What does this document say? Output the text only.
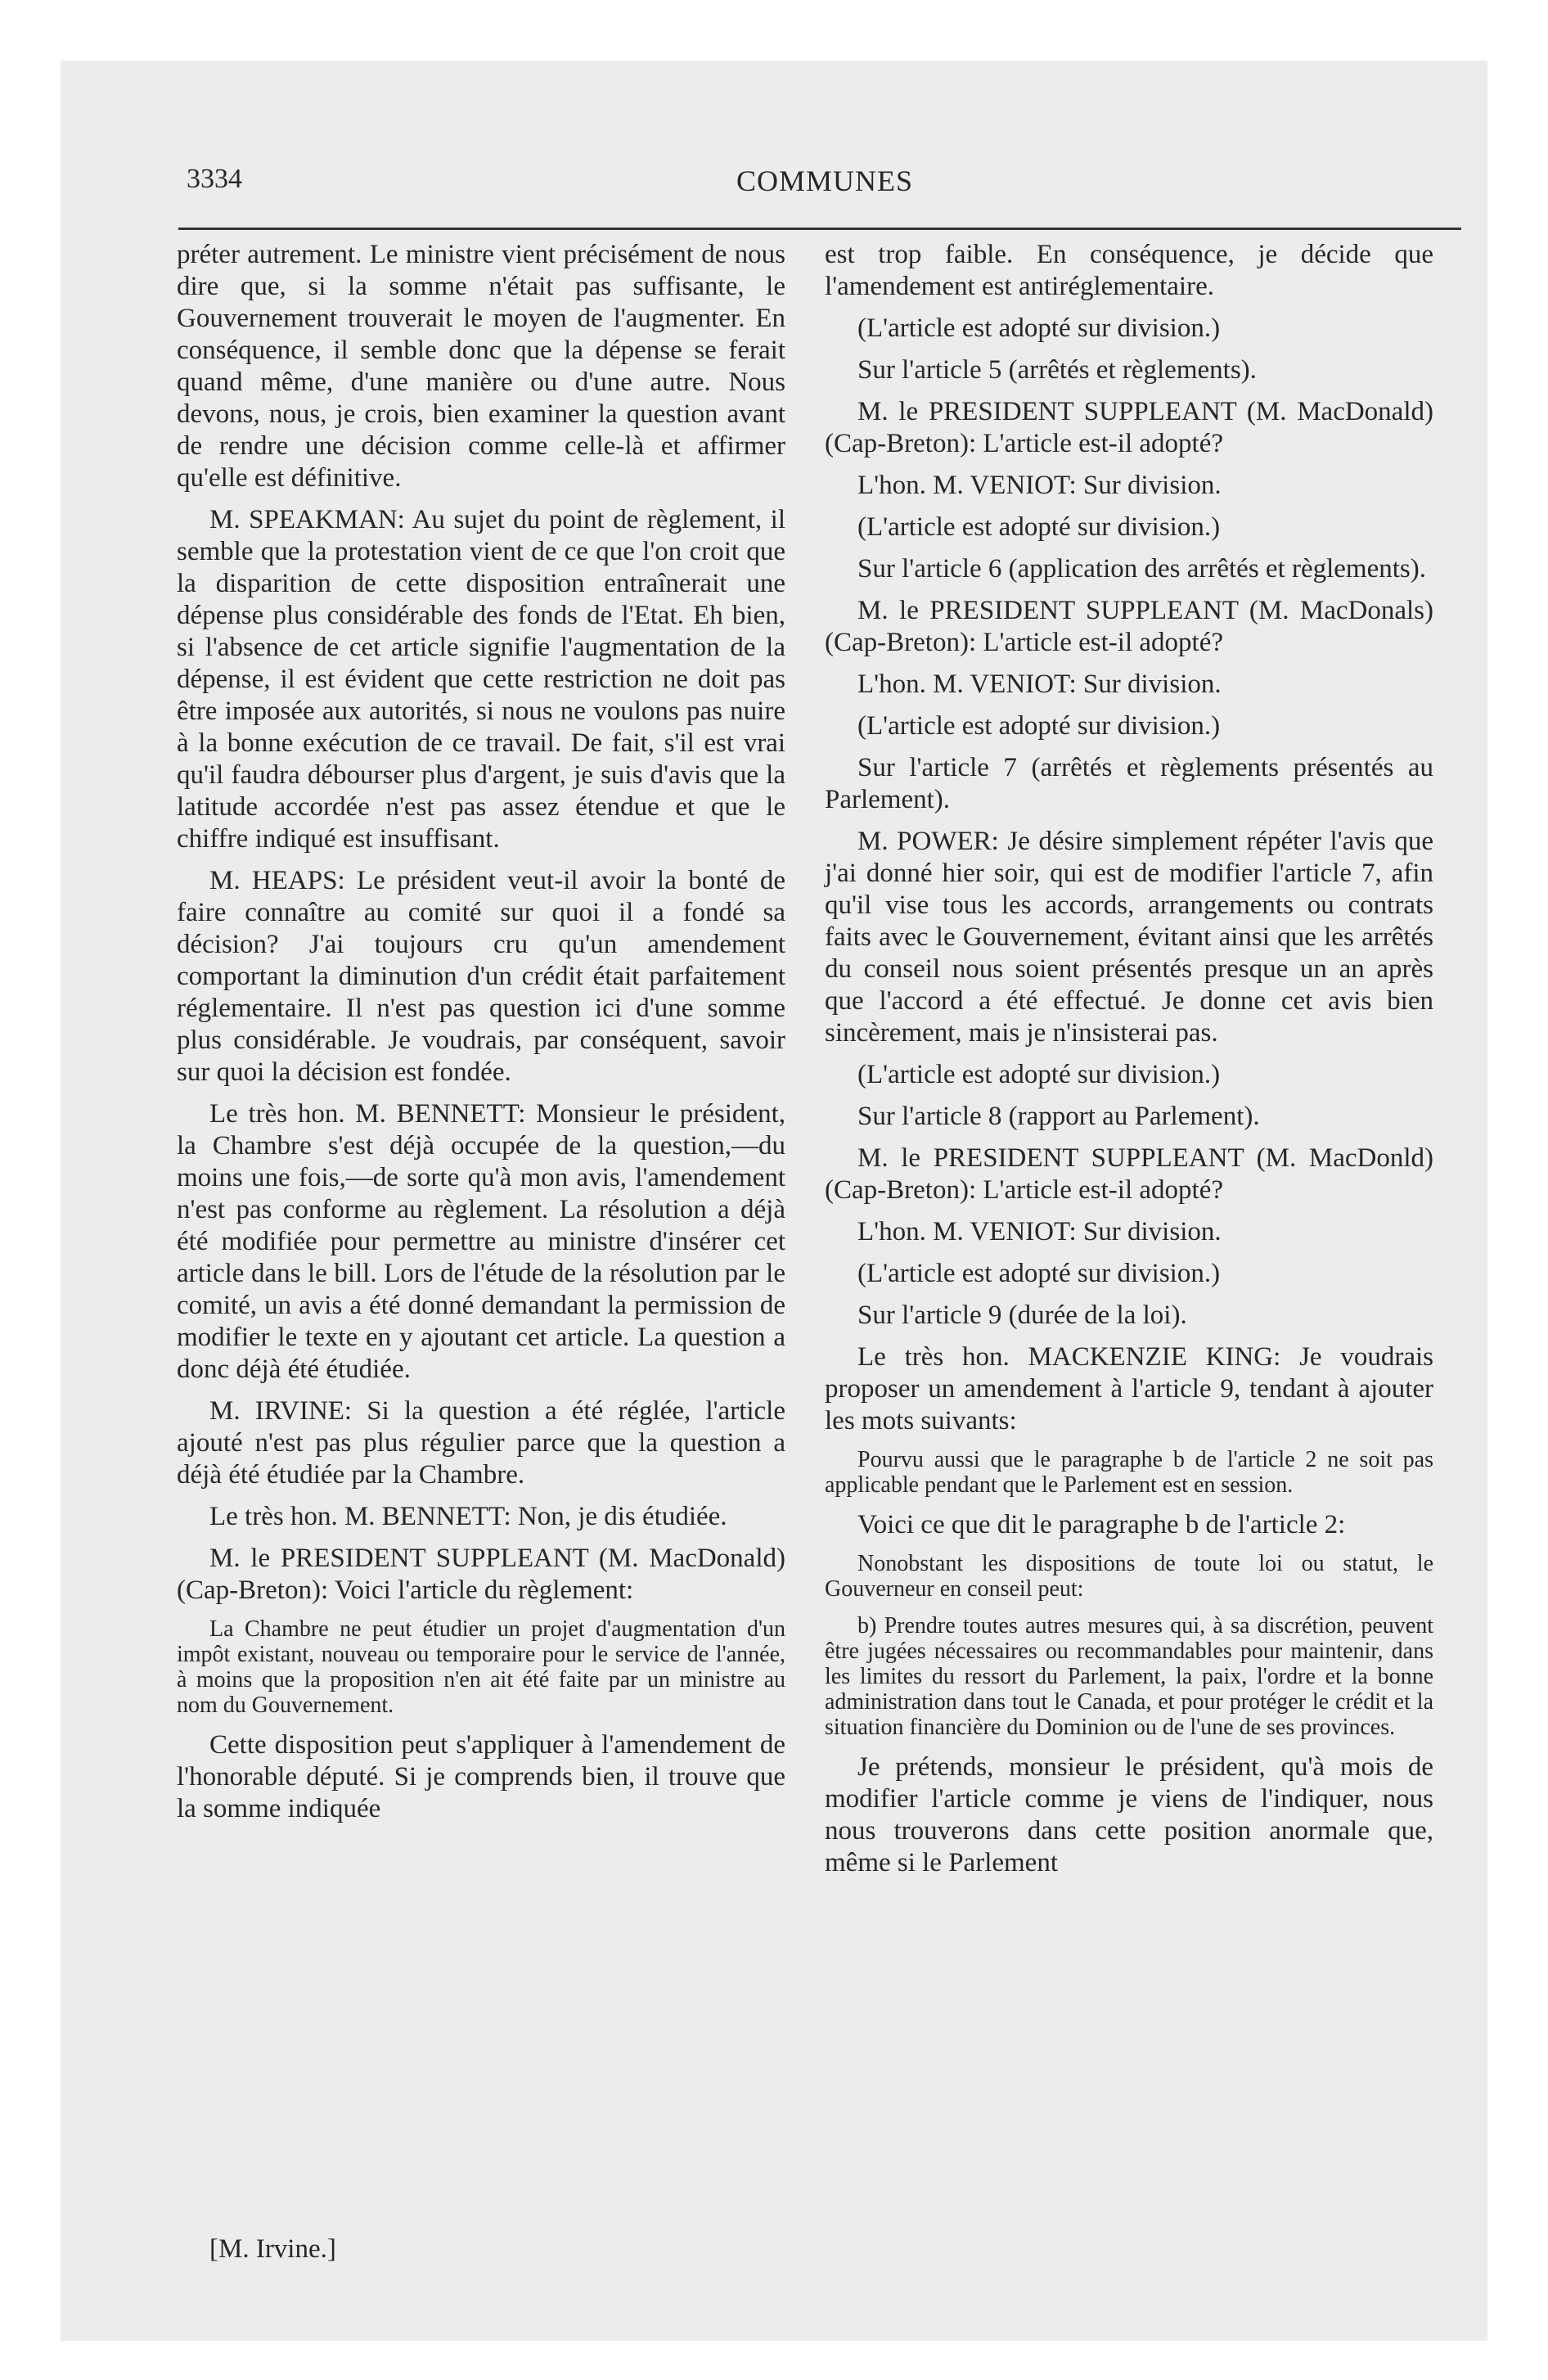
3334	COMMUNES

préter autrement. Le ministre vient précisément de nous dire que, si la somme n'était pas suffisante, le Gouvernement trouverait le moyen de l'augmenter. En conséquence, il semble donc que la dépense se ferait quand même, d'une manière ou d'une autre. Nous devons, nous, je crois, bien examiner la question avant de rendre une décision comme celle-là et affirmer qu'elle est définitive.

M. SPEAKMAN: Au sujet du point de règlement, il semble que la protestation vient de ce que l'on croit que la disparition de cette disposition entraînerait une dépense plus considérable des fonds de l'Etat. Eh bien, si l'absence de cet article signifie l'augmentation de la dépense, il est évident que cette restriction ne doit pas être imposée aux autorités, si nous ne voulons pas nuire à la bonne exécution de ce travail. De fait, s'il est vrai qu'il faudra débourser plus d'argent, je suis d'avis que la latitude accordée n'est pas assez étendue et que le chiffre indiqué est insuffisant.

M. HEAPS: Le président veut-il avoir la bonté de faire connaître au comité sur quoi il a fondé sa décision? J'ai toujours cru qu'un amendement comportant la diminution d'un crédit était parfaitement réglementaire. Il n'est pas question ici d'une somme plus considérable. Je voudrais, par conséquent, savoir sur quoi la décision est fondée.

Le très hon. M. BENNETT: Monsieur le président, la Chambre s'est déjà occupée de la question,—du moins une fois,—de sorte qu'à mon avis, l'amendement n'est pas conforme au règlement. La résolution a déjà été modifiée pour permettre au ministre d'insérer cet article dans le bill. Lors de l'étude de la résolution par le comité, un avis a été donné demandant la permission de modifier le texte en y ajoutant cet article. La question a donc déjà été étudiée.

M. IRVINE: Si la question a été réglée, l'article ajouté n'est pas plus régulier parce que la question a déjà été étudiée par la Chambre.

Le très hon. M. BENNETT: Non, je dis étudiée.

M. le PRESIDENT SUPPLEANT (M. MacDonald) (Cap-Breton): Voici l'article du règlement:

La Chambre ne peut étudier un projet d'augmentation d'un impôt existant, nouveau ou temporaire pour le service de l'année, à moins que la proposition n'en ait été faite par un ministre au nom du Gouvernement.

Cette disposition peut s'appliquer à l'amendement de l'honorable député. Si je comprends bien, il trouve que la somme indiquée

est trop faible. En conséquence, je décide que l'amendement est antiréglementaire.

(L'article est adopté sur division.)

Sur l'article 5 (arrêtés et règlements).

M. le PRESIDENT SUPPLEANT (M. MacDonald) (Cap-Breton): L'article est-il adopté?

L'hon. M. VENIOT: Sur division.

(L'article est adopté sur division.)

Sur l'article 6 (application des arrêtés et règlements).

M. le PRESIDENT SUPPLEANT (M. MacDonals) (Cap-Breton): L'article est-il adopté?

L'hon. M. VENIOT: Sur division.

(L'article est adopté sur division.)

Sur l'article 7 (arrêtés et règlements présentés au Parlement).

M. POWER: Je désire simplement répéter l'avis que j'ai donné hier soir, qui est de modifier l'article 7, afin qu'il vise tous les accords, arrangements ou contrats faits avec le Gouvernement, évitant ainsi que les arrêtés du conseil nous soient présentés presque un an après que l'accord a été effectué. Je donne cet avis bien sincèrement, mais je n'insisterai pas.

(L'article est adopté sur division.)

Sur l'article 8 (rapport au Parlement).

M. le PRESIDENT SUPPLEANT (M. MacDonld) (Cap-Breton): L'article est-il adopté?

L'hon. M. VENIOT: Sur division.

(L'article est adopté sur division.)

Sur l'article 9 (durée de la loi).

Le très hon. MACKENZIE KING: Je voudrais proposer un amendement à l'article 9, tendant à ajouter les mots suivants:

Pourvu aussi que le paragraphe b de l'article 2 ne soit pas applicable pendant que le Parlement est en session.

Voici ce que dit le paragraphe b de l'article 2:

Nonobstant les dispositions de toute loi ou statut, le Gouverneur en conseil peut:

b) Prendre toutes autres mesures qui, à sa discrétion, peuvent être jugées nécessaires ou recommandables pour maintenir, dans les limites du ressort du Parlement, la paix, l'ordre et la bonne administration dans tout le Canada, et pour protéger le crédit et la situation financière du Dominion ou de l'une de ses provinces.

Je prétends, monsieur le président, qu'à mois de modifier l'article comme je viens de l'indiquer, nous nous trouverons dans cette position anormale que, même si le Parlement

[M. Irvine.]
